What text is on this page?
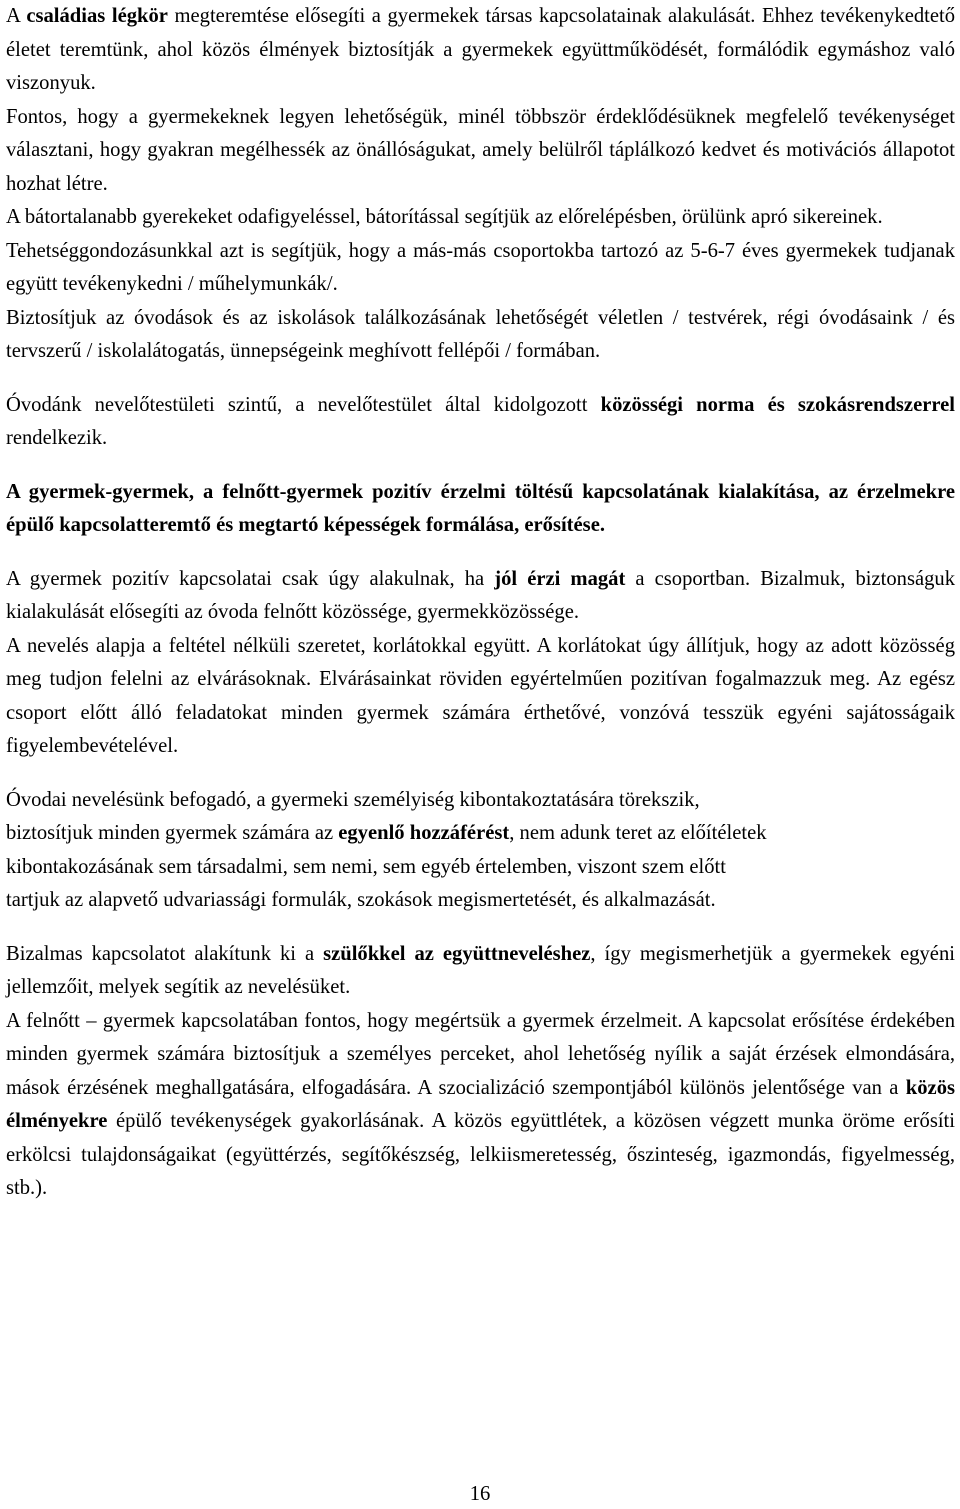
A családias légkör megteremtése elősegíti a gyermekek társas kapcsolatainak alakulását. Ehhez tevékenykedtető életet teremtünk, ahol közös élmények biztosítják a gyermekek együttműködését, formálódik egymáshoz való viszonyuk.

Fontos, hogy a gyermekeknek legyen lehetőségük, minél többször érdeklődésüknek megfelelő tevékenységet választani, hogy gyakran megélhessék az önállóságukat, amely belülről táplálkozó kedvet és motivációs állapotot hozhat létre.

A bátortalanabb gyerekeket odafigyeléssel, bátorítással segítjük az előrelépésben, örülünk apró sikereinek.

Tehetséggondozásunkkal azt is segítjük, hogy a más-más csoportokba tartozó az 5-6-7 éves gyermekek tudjanak együtt tevékenykedni / műhelymunkák/.

Biztosítjuk az óvodások és az iskolások találkozásának lehetőségét véletlen / testvérek, régi óvodásaink / és tervszerű / iskolalátogatás, ünnepségeink meghívott fellépői / formában.

Óvodánk nevelőtestületi szintű, a nevelőtestület által kidolgozott közösségi norma és szokásrendszerrel rendelkezik.

A gyermek-gyermek, a felnőtt-gyermek pozitív érzelmi töltésű kapcsolatának kialakítása, az érzelmekre épülő kapcsolatteremtő és megtartó képességek formálása, erősítése.

A gyermek pozitív kapcsolatai csak úgy alakulnak, ha jól érzi magát a csoportban. Bizalmuk, biztonságuk kialakulását elősegíti az óvoda felnőtt közössége, gyermekközössége.

A nevelés alapja a feltétel nélküli szeretet, korlátokkal együtt. A korlátokat úgy állítjuk, hogy az adott közösség meg tudjon felelni az elvárásoknak. Elvárásainkat röviden egyértelműen pozitívan fogalmazzuk meg. Az egész csoport előtt álló feladatokat minden gyermek számára érthetővé, vonzóvá tesszük egyéni sajátosságaik figyelembevételével.

Óvodai nevelésünk befogadó, a gyermeki személyiség kibontakoztatására törekszik,
biztosítjuk minden gyermek számára az egyenlő hozzáférést, nem adunk teret az előítéletek
kibontakozásának sem társadalmi, sem nemi, sem egyéb értelemben, viszont szem előtt
tartjuk az alapvető udvariassági formulák, szokások megismertetését, és alkalmazását.

Bizalmas kapcsolatot alakítunk ki a szülőkkel az együttneveléshez, így megismerhetjük a gyermekek egyéni jellemzőit, melyek segítik az nevelésüket.

A felnőtt – gyermek kapcsolatában fontos, hogy megértsük a gyermek érzelmeit. A kapcsolat erősítése érdekében minden gyermek számára biztosítjuk a személyes perceket, ahol lehetőség nyílik a saját érzések elmondására, mások érzésének meghallgatására, elfogadására. A szocializáció szempontjából különös jelentősége van a közös élményekre épülő tevékenységek gyakorlásának. A közös együttlétek, a közösen végzett munka öröme erősíti erkölcsi tulajdonságaikat (együttérzés, segítőkészség, lelkiismeretesség, őszinteség, igazmondás, figyelmesség, stb.).

16
